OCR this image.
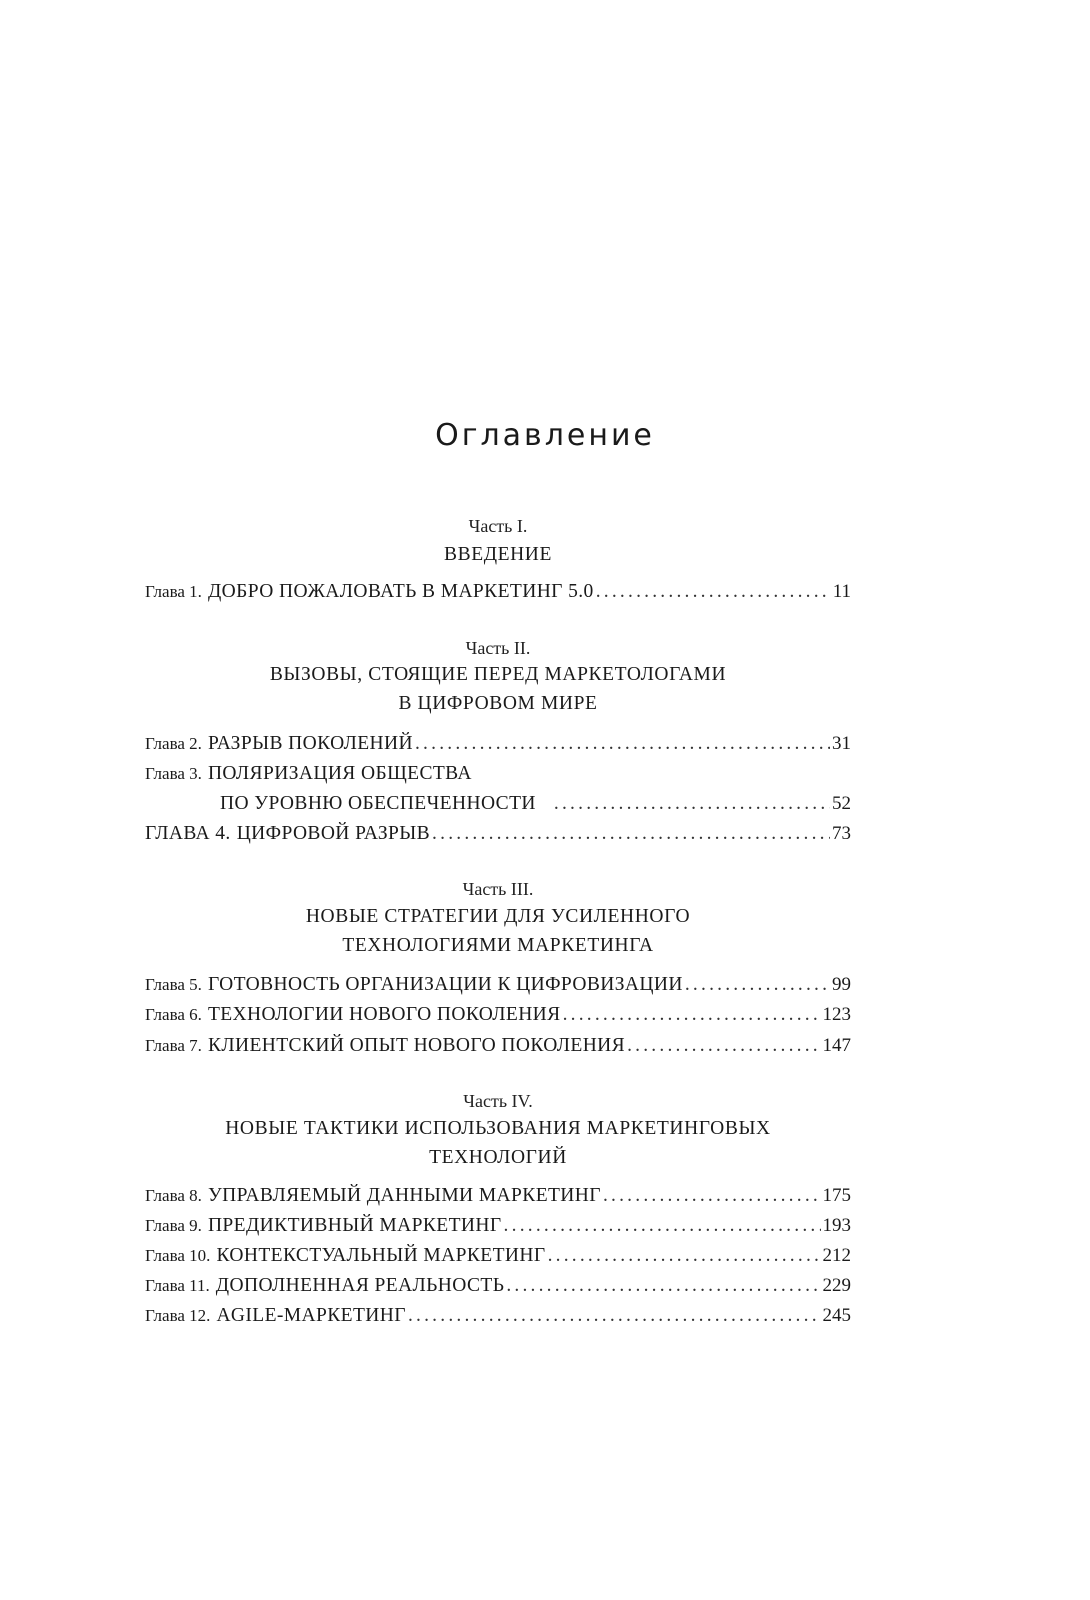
Оглавление
Часть I.
ВВЕДЕНИЕ
Глава 1. ДОБРО ПОЖАЛОВАТЬ В МАРКЕТИНГ 5.0 .....	11
Часть II.
ВЫЗОВЫ, СТОЯЩИЕ ПЕРЕД МАРКЕТОЛОГАМИ
В ЦИФРОВОМ МИРЕ
Глава 2. РАЗРЫВ ПОКОЛЕНИЙ .....	31
Глава 3. ПОЛЯРИЗАЦИЯ ОБЩЕСТВА
ПО УРОВНЮ ОБЕСПЕЧЕННОСТИ .....	52
ГЛАВА 4. ЦИФРОВОЙ РАЗРЫВ .....	73
Часть III.
НОВЫЕ СТРАТЕГИИ ДЛЯ УСИЛЕННОГО
ТЕХНОЛОГИЯМИ МАРКЕТИНГА
Глава 5. ГОТОВНОСТЬ ОРГАНИЗАЦИИ К ЦИФРОВИЗАЦИИ .....	99
Глава 6. ТЕХНОЛОГИИ НОВОГО ПОКОЛЕНИЯ .....	123
Глава 7. КЛИЕНТСКИЙ ОПЫТ НОВОГО ПОКОЛЕНИЯ .....	147
Часть IV.
НОВЫЕ ТАКТИКИ ИСПОЛЬЗОВАНИЯ МАРКЕТИНГОВЫХ
ТЕХНОЛОГИЙ
Глава 8. УПРАВЛЯЕМЫЙ ДАННЫМИ МАРКЕТИНГ .....	175
Глава 9. ПРЕДИКТИВНЫЙ МАРКЕТИНГ .....	193
Глава 10. КОНТЕКСТУАЛЬНЫЙ МАРКЕТИНГ .....	212
Глава 11. ДОПОЛНЕННАЯ РЕАЛЬНОСТЬ .....	229
Глава 12. AGILE-МАРКЕТИНГ .....	245
